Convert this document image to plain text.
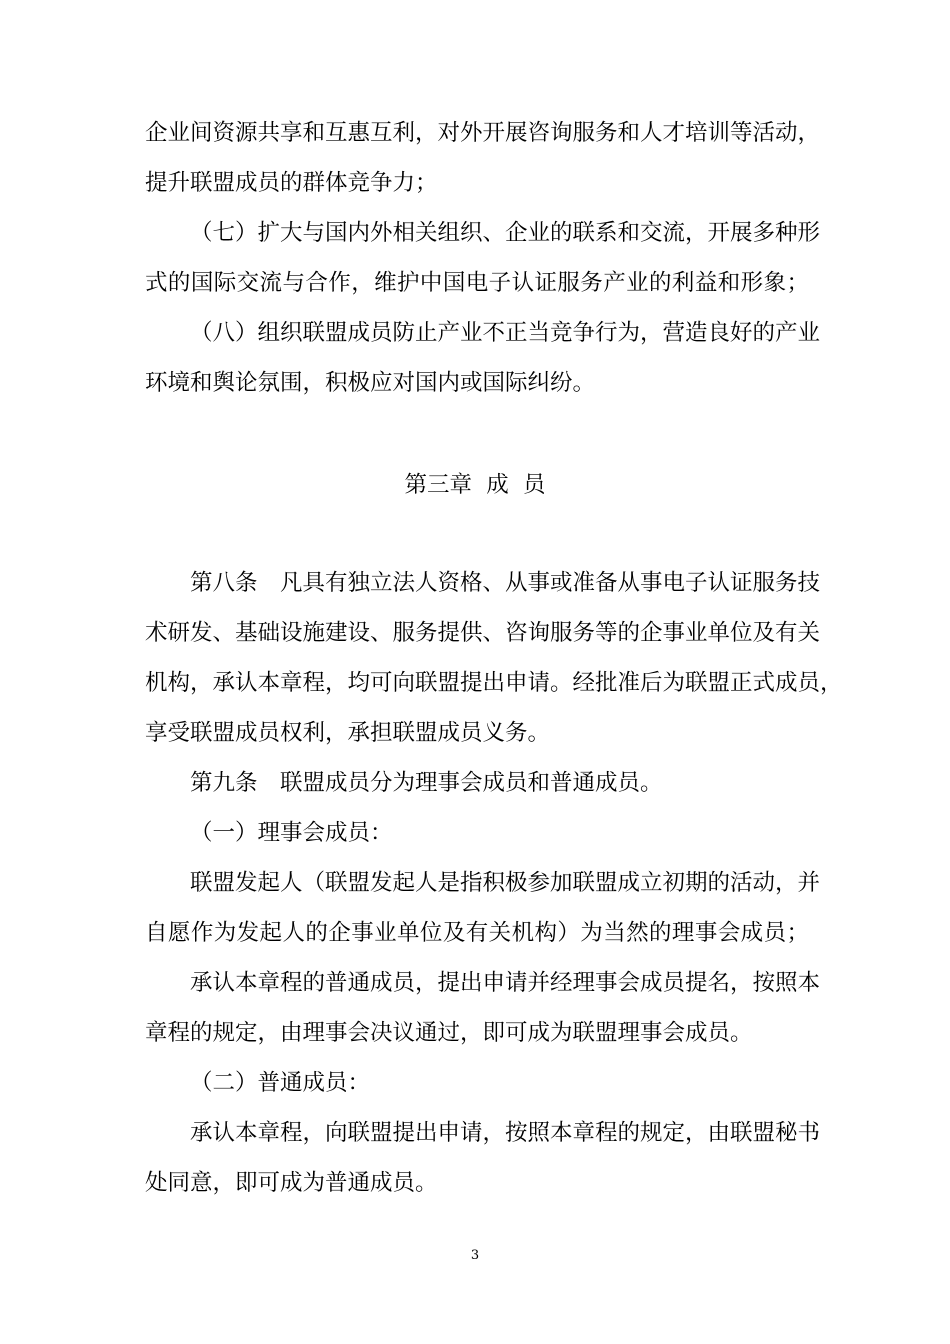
企业间资源共享和互惠互利，对外开展咨询服务和人才培训等活动，
提升联盟成员的群体竞争力；
（七）扩大与国内外相关组织、企业的联系和交流，开展多种形
式的国际交流与合作，维护中国电子认证服务产业的利益和形象；
（八）组织联盟成员防止产业不正当竞争行为，营造良好的产业
环境和舆论氛围，积极应对国内或国际纠纷。
第三章  成  员
第八条　凡具有独立法人资格、从事或准备从事电子认证服务技
术研发、基础设施建设、服务提供、咨询服务等的企事业单位及有关
机构，承认本章程，均可向联盟提出申请。经批准后为联盟正式成员，
享受联盟成员权利，承担联盟成员义务。
第九条　联盟成员分为理事会成员和普通成员。
（一）理事会成员：
联盟发起人（联盟发起人是指积极参加联盟成立初期的活动，并
自愿作为发起人的企事业单位及有关机构）为当然的理事会成员；
承认本章程的普通成员，提出申请并经理事会成员提名，按照本
章程的规定，由理事会决议通过，即可成为联盟理事会成员。
（二）普通成员：
承认本章程，向联盟提出申请，按照本章程的规定，由联盟秘书
处同意，即可成为普通成员。
3
